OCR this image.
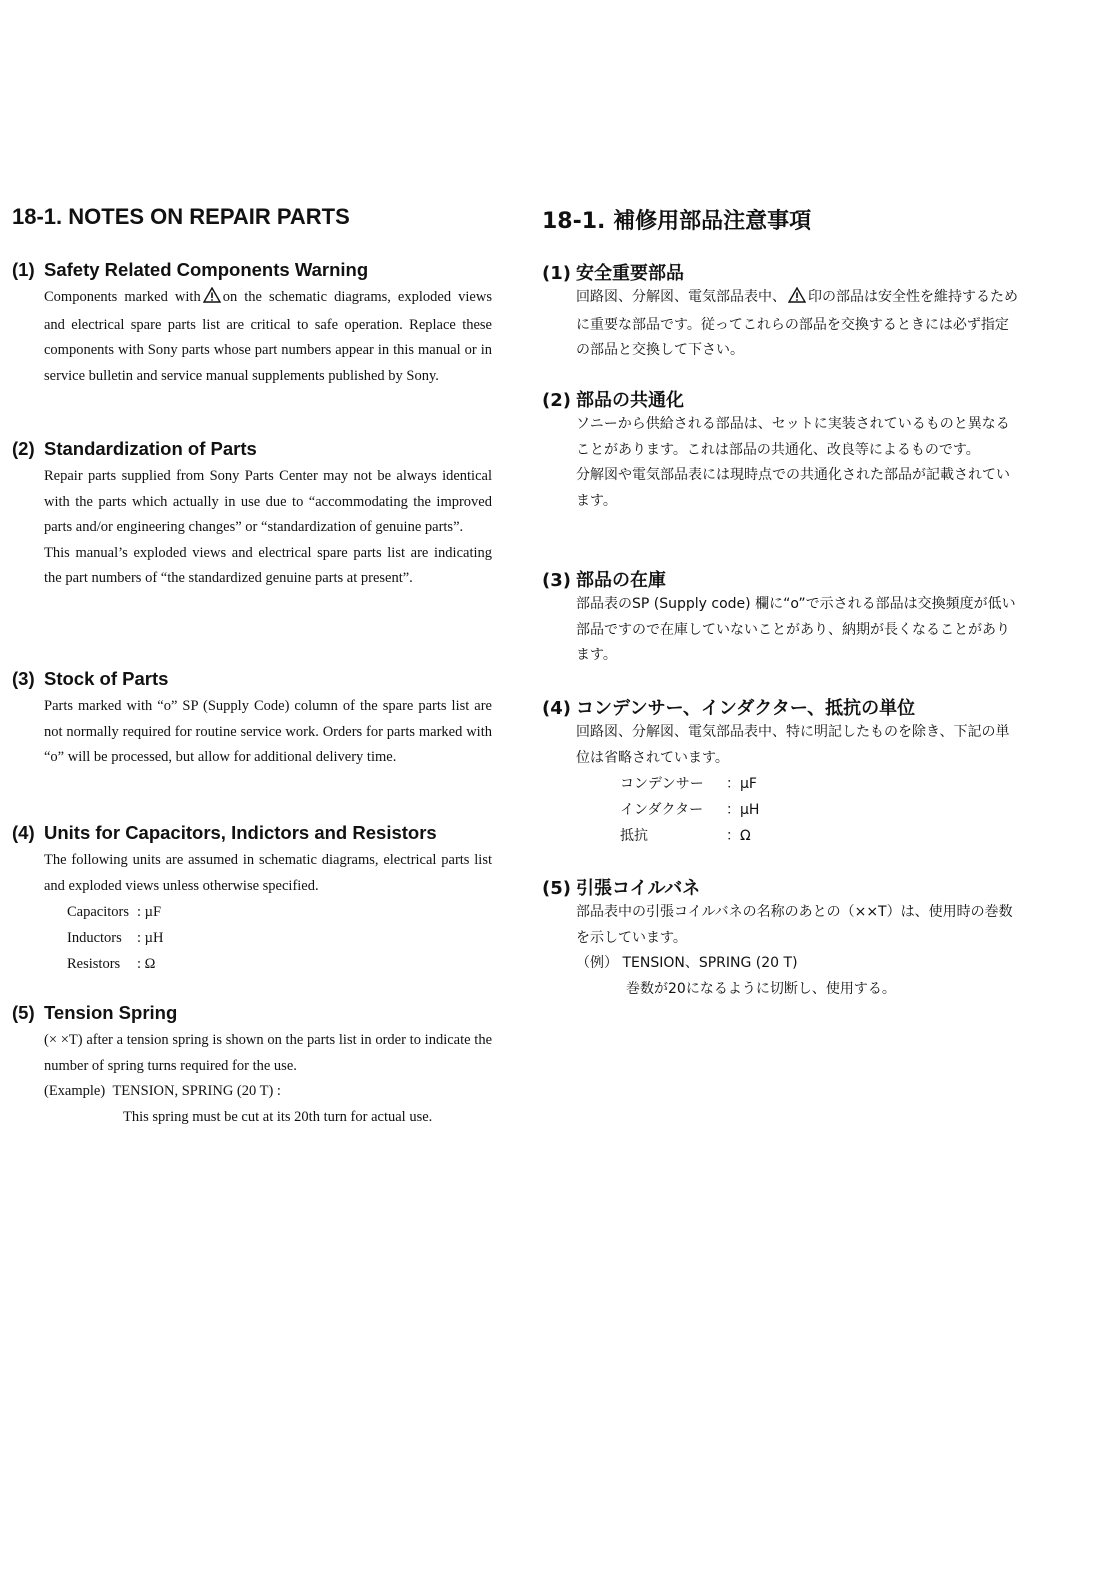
18-1. NOTES ON REPAIR PARTS
(1) Safety Related Components Warning

Components marked with on the schematic diagrams, exploded views and electrical spare parts list are critical to safe operation. Replace these components with Sony parts whose part numbers appear in this manual or in service bulletin and service manual supplements published by Sony.

(2) Standardization of Parts

Repair parts supplied from Sony Parts Center may not be always identical with the parts which actually in use due to “accommodating the improved parts and/or engineering changes” or “standardization of genuine parts”.

This manual’s exploded views and electrical spare parts list are indicating the part numbers of “the standardized genuine parts at present”.

(3) Stock of Parts

Parts marked with “o” SP (Supply Code) column of the spare parts list are not normally required for routine service work. Orders for parts marked with “o” will be processed, but allow for additional delivery time.

(4) Units for Capacitors, Indictors and Resistors

The following units are assumed in schematic diagrams, electrical parts list and exploded views unless otherwise specified.

Capacitors : µF
Inductors	: µH
Resistors	: Ω
(5) Tension Spring

(× ×T) after a tension spring is shown on the parts list in order to indicate the number of spring turns required for the use.

(Example) TENSION, SPRING (20 T) :
This spring must be cut at its 20th turn for actual use.
18-1. 補修用部品注意事項
(1) 安全重要部品

回路図、分解図、電気部品表中、 印の部品は安全性を維持するために重要な部品です。従ってこれらの部品を交換するときには必ず指定の部品と交換して下さい。

(2) 部品の共通化

ソニーから供給される部品は、セットに実装されているものと異なることがあります。これは部品の共通化、改良等によるものです。

分解図や電気部品表には現時点での共通化された部品が記載されています。

(3) 部品の在庫

部品表のSP (Supply code) 欄に“o”で示される部品は交換頻度が低い部品ですので在庫していないことがあり、納期が長くなることがあります。

(4) コンデンサー、インダクター、抵抗の単位

回路図、分解図、電気部品表中、特に明記したものを除き、下記の単位は省略されています。

コンデンサー	：μF
インダクター	：μH
抵抗	：Ω
(5) 引張コイルバネ

部品表中の引張コイルバネの名称のあとの（××T）は、使用時の巻数を示しています。

（例） TENSION、SPRING (20 T)
巻数が20になるように切断し、使用する。
